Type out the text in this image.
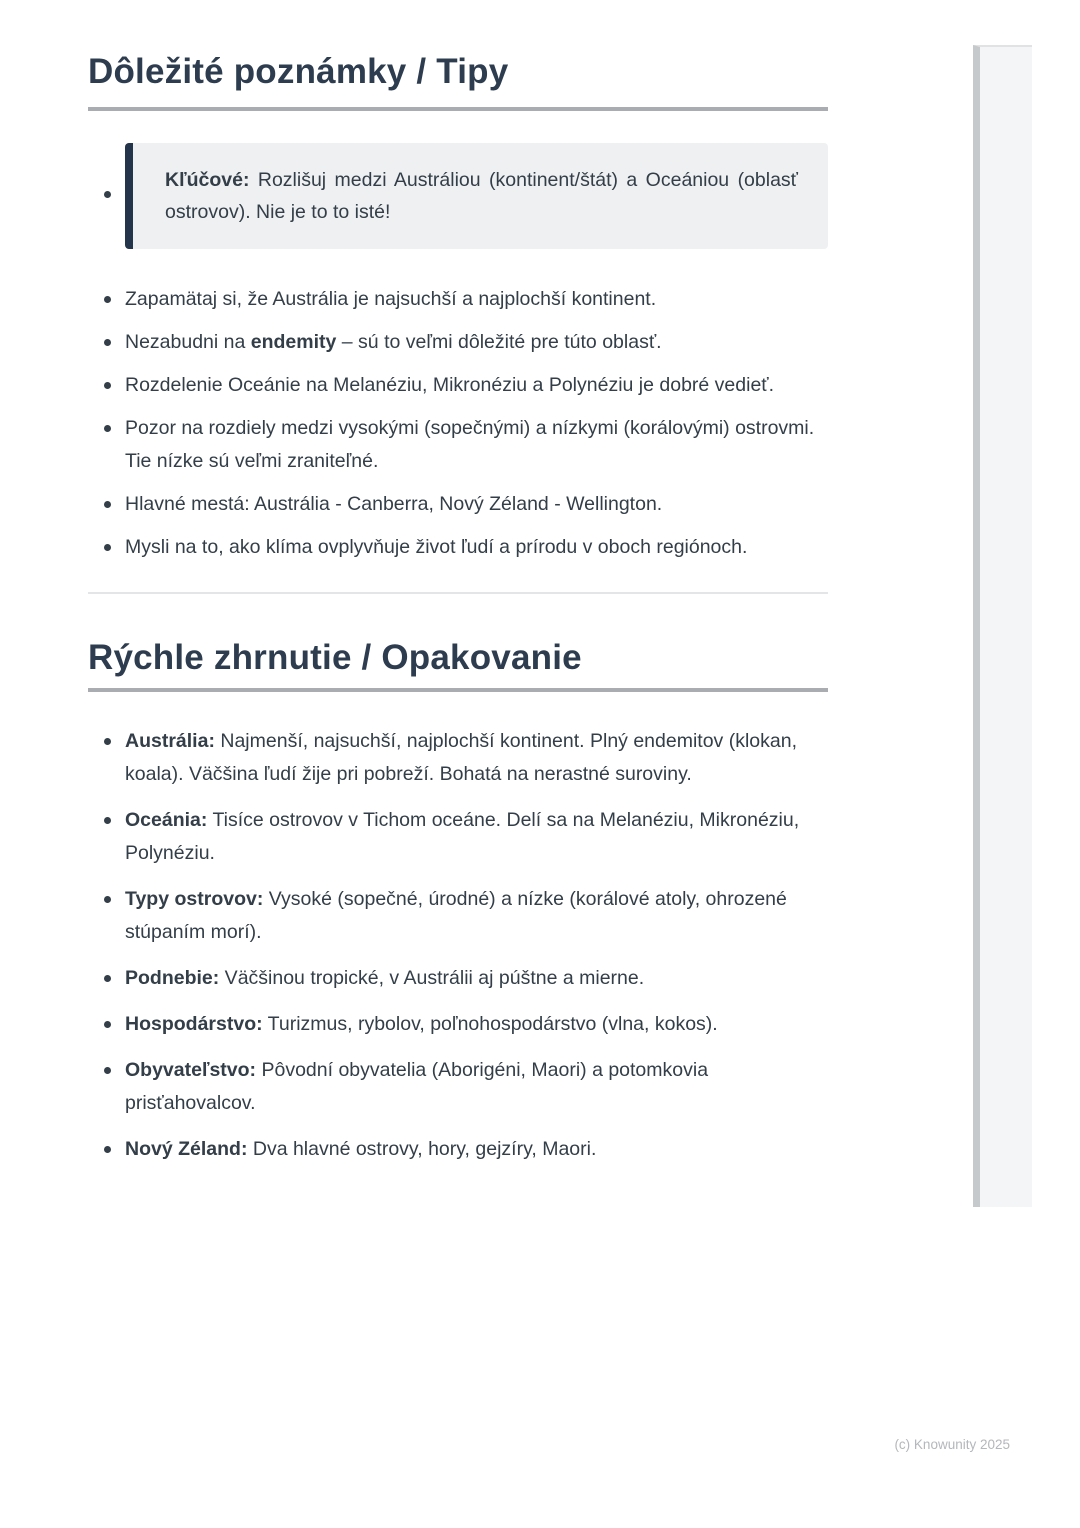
Dôležité poznámky / Tipy
Kľúčové: Rozlišuj medzi Austráliou (kontinent/štát) a Oceániou (oblasť ostrovov). Nie je to to isté!
Zapamätaj si, že Austrália je najsuchší a najplochší kontinent.
Nezabudni na endemity – sú to veľmi dôležité pre túto oblasť.
Rozdelenie Oceánie na Melanéziu, Mikronéziu a Polynéziu je dobré vedieť.
Pozor na rozdiely medzi vysokými (sopečnými) a nízkymi (korálovými) ostrovmi. Tie nízke sú veľmi zraniteľné.
Hlavné mestá: Austrália - Canberra, Nový Zéland - Wellington.
Mysli na to, ako klíma ovplyvňuje život ľudí a prírodu v oboch regiónoch.
Rýchle zhrnutie / Opakovanie
Austrália: Najmenší, najsuchší, najplochší kontinent. Plný endemitov (klokan, koala). Väčšina ľudí žije pri pobreží. Bohatá na nerastné suroviny.
Oceánia: Tisíce ostrovov v Tichom oceáne. Delí sa na Melanéziu, Mikronéziu, Polynéziu.
Typy ostrovov: Vysoké (sopečné, úrodné) a nízke (korálové atoly, ohrozené stúpaním morí).
Podnebie: Väčšinou tropické, v Austrálii aj púštne a mierne.
Hospodárstvo: Turizmus, rybolov, poľnohospodárstvo (vlna, kokos).
Obyvateľstvo: Pôvodní obyvatelia (Aborigéni, Maori) a potomkovia prisťahovalcov.
Nový Zéland: Dva hlavné ostrovy, hory, gejzíry, Maori.
(c) Knowunity 2025
